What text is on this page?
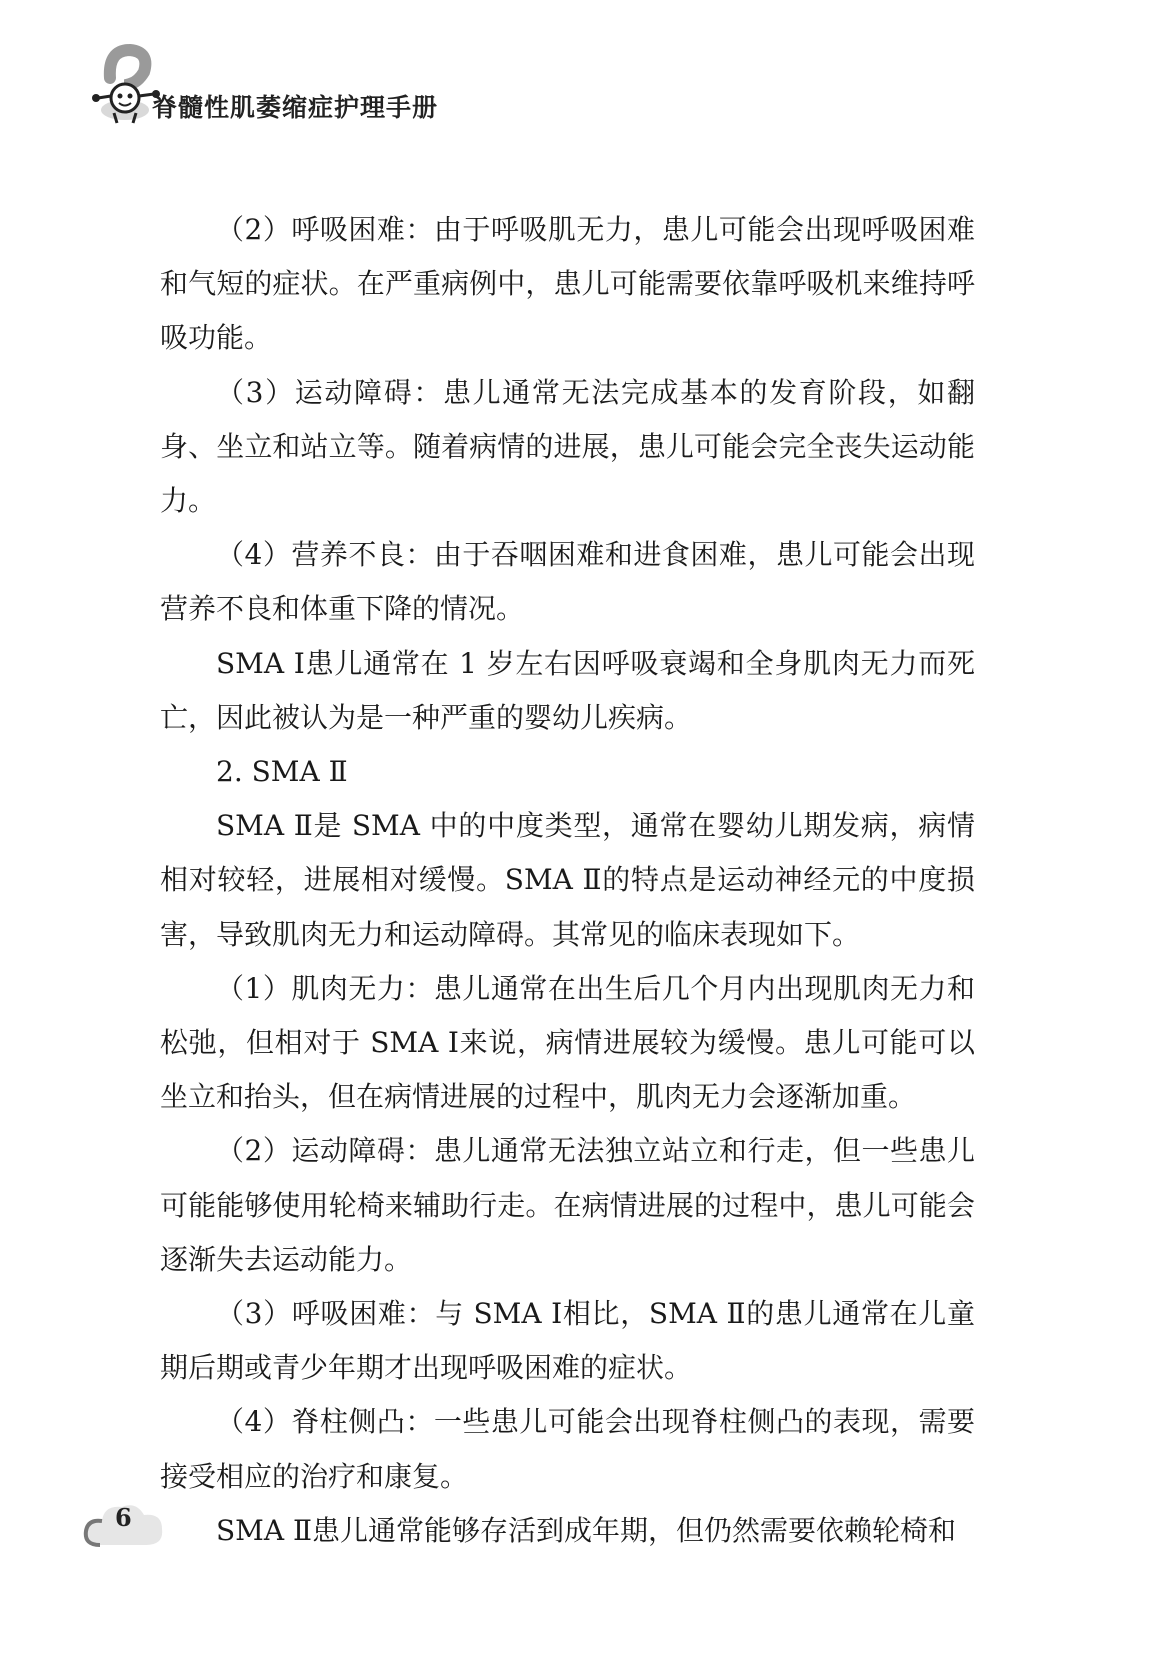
脊髓性肌萎缩症护理手册

（2）呼吸困难：由于呼吸肌无力，患儿可能会出现呼吸困难和气短的症状。在严重病例中，患儿可能需要依靠呼吸机来维持呼吸功能。

（3）运动障碍：患儿通常无法完成基本的发育阶段，如翻身、坐立和站立等。随着病情的进展，患儿可能会完全丧失运动能力。

（4）营养不良：由于吞咽困难和进食困难，患儿可能会出现营养不良和体重下降的情况。

SMA Ⅰ患儿通常在 1 岁左右因呼吸衰竭和全身肌肉无力而死亡，因此被认为是一种严重的婴幼儿疾病。

2. SMA Ⅱ

SMA Ⅱ是 SMA 中的中度类型，通常在婴幼儿期发病，病情相对较轻，进展相对缓慢。SMA Ⅱ的特点是运动神经元的中度损害，导致肌肉无力和运动障碍。其常见的临床表现如下。

（1）肌肉无力：患儿通常在出生后几个月内出现肌肉无力和松弛，但相对于 SMA Ⅰ来说，病情进展较为缓慢。患儿可能可以坐立和抬头，但在病情进展的过程中，肌肉无力会逐渐加重。

（2）运动障碍：患儿通常无法独立站立和行走，但一些患儿可能能够使用轮椅来辅助行走。在病情进展的过程中，患儿可能会逐渐失去运动能力。

（3）呼吸困难：与 SMA Ⅰ相比，SMA Ⅱ的患儿通常在儿童期后期或青少年期才出现呼吸困难的症状。

（4）脊柱侧凸：一些患儿可能会出现脊柱侧凸的表现，需要接受相应的治疗和康复。

SMA Ⅱ患儿通常能够存活到成年期，但仍然需要依赖轮椅和

6
